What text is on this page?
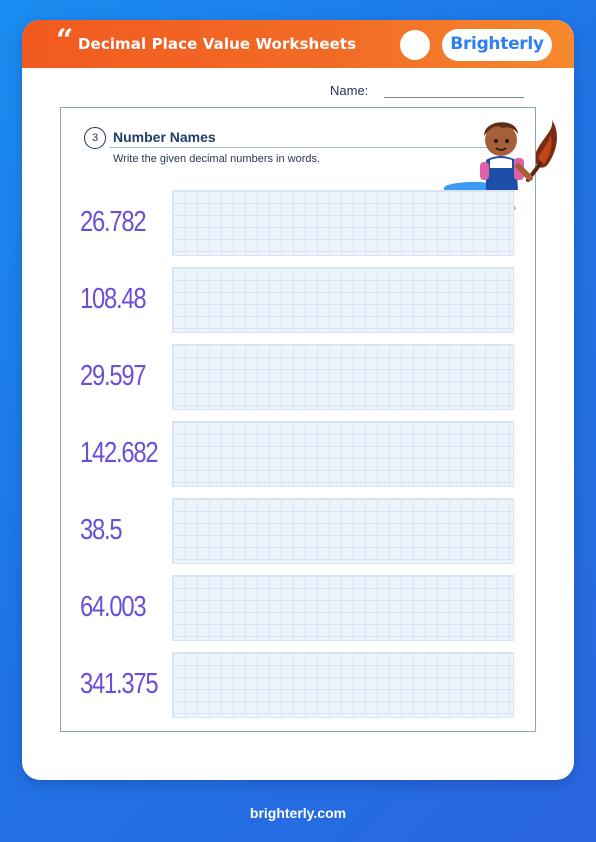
“ Decimal Place Value Worksheets	Brighterly
Name:
3	Number Names
Write the given decimal numbers in words.
26.782
108.48
29.597
142.682
38.5
64.003
341.375
brighterly.com
